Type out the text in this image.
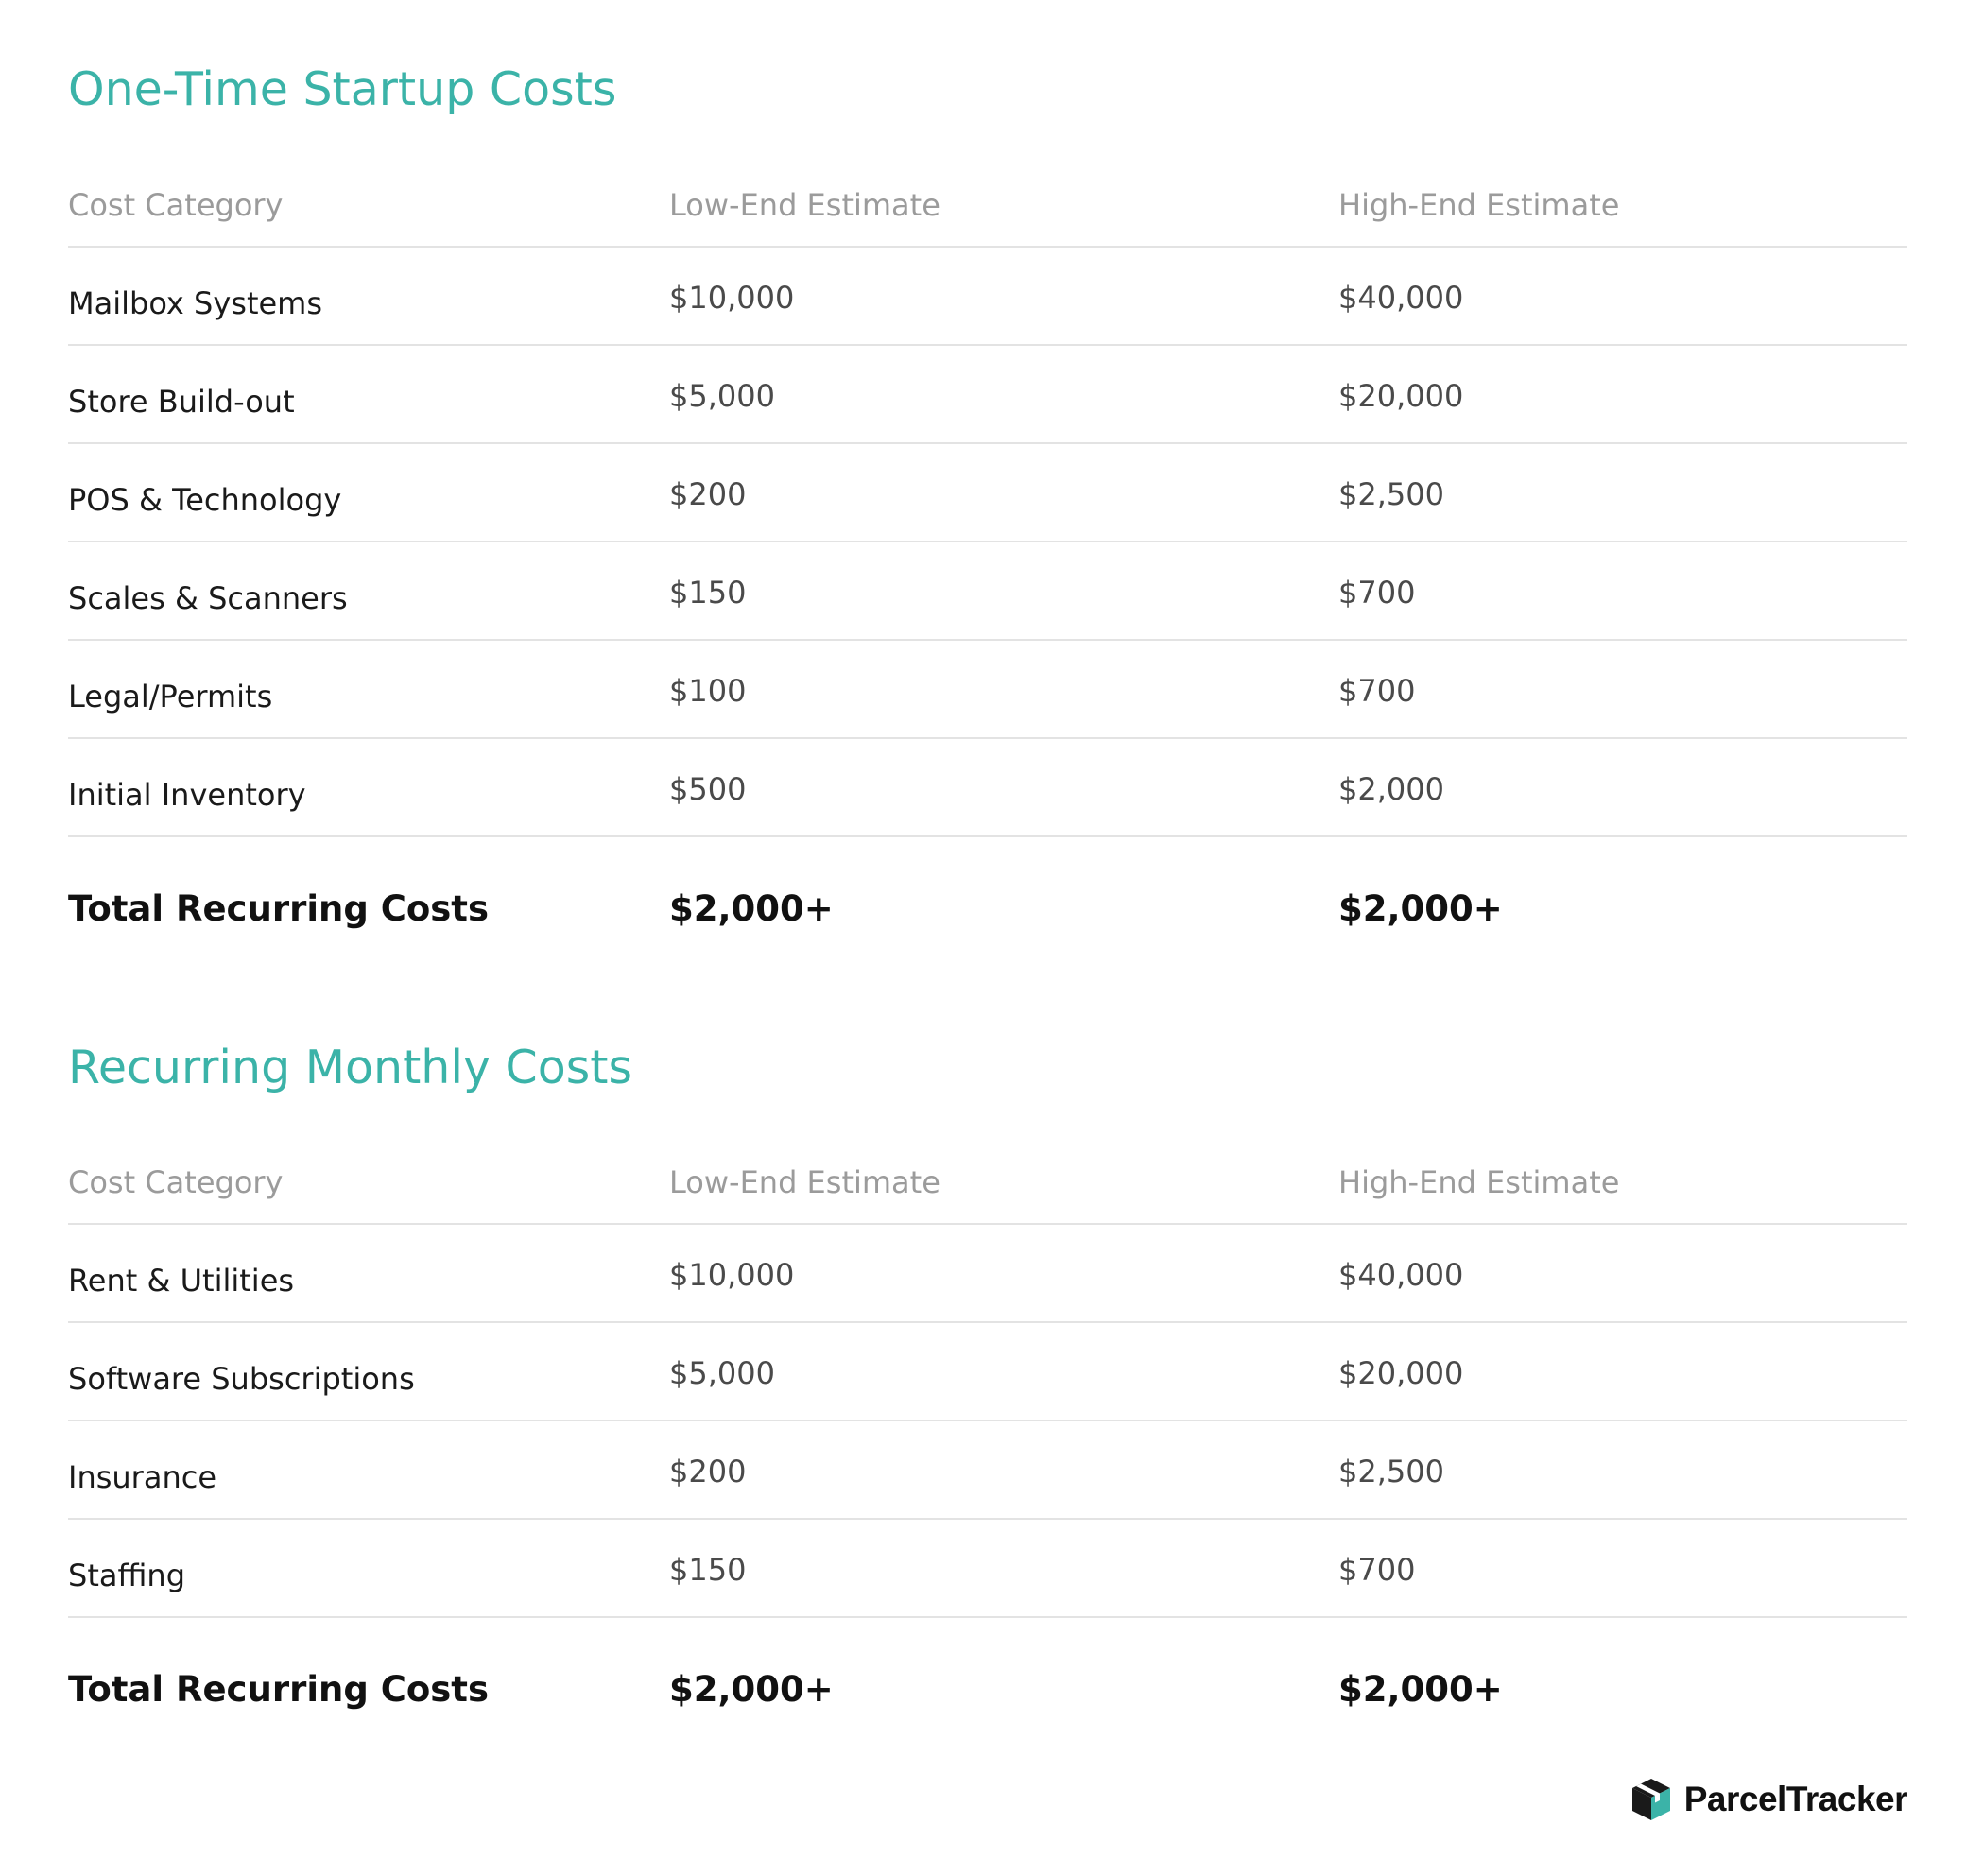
One-Time Startup Costs
Cost Category	Low-End Estimate	High-End Estimate
Mailbox Systems	$10,000	$40,000
Store Build-out	$5,000	$20,000
POS & Technology	$200	$2,500
Scales & Scanners	$150	$700
Legal/Permits	$100	$700
Initial Inventory	$500	$2,000
Total Recurring Costs	$2,000+	$2,000+
Recurring Monthly Costs
Cost Category	Low-End Estimate	High-End Estimate
Rent & Utilities	$10,000	$40,000
Software Subscriptions	$5,000	$20,000
Insurance	$200	$2,500
Staffing	$150	$700
Total Recurring Costs	$2,000+	$2,000+
ParcelTracker
